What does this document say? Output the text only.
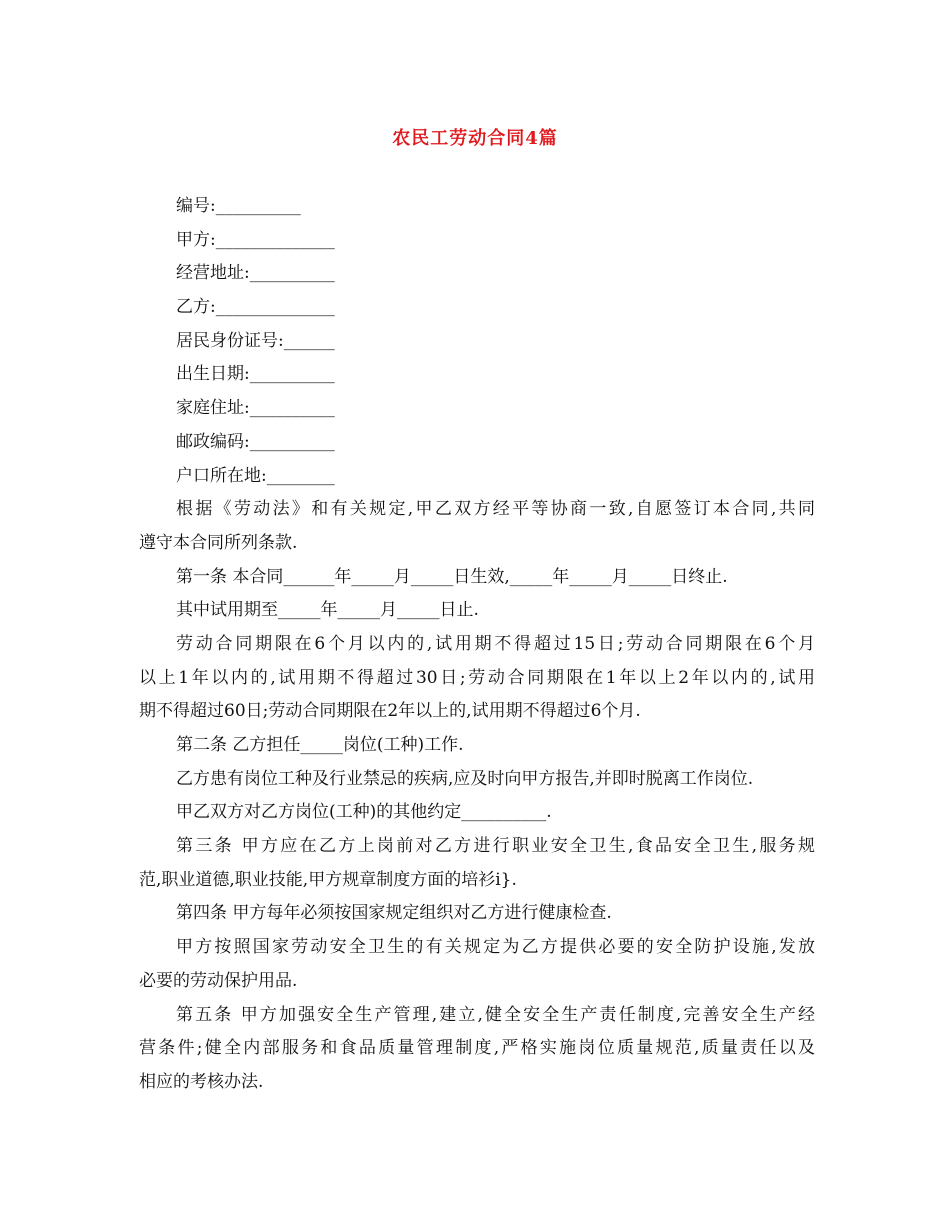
农民工劳动合同4篇
编号:__________
甲方:______________
经营地址:__________
乙方:______________
居民身份证号:______
出生日期:__________
家庭住址:__________
邮政编码:__________
户口所在地:________
根据《劳动法》和有关规定,甲乙双方经平等协商一致,自愿签订本合同,共同
遵守本合同所列条款.
第一条 本合同______年_____月_____日生效,_____年_____月_____日终止.
其中试用期至_____年_____月_____日止.
劳动合同期限在6个月以内的,试用期不得超过15日;劳动合同期限在6个月
以上1年以内的,试用期不得超过30日;劳动合同期限在1年以上2年以内的,试用
期不得超过60日;劳动合同期限在2年以上的,试用期不得超过6个月.
第二条 乙方担任_____岗位(工种)工作.
乙方患有岗位工种及行业禁忌的疾病,应及时向甲方报告,并即时脱离工作岗位.
甲乙双方对乙方岗位(工种)的其他约定__________.
第三条 甲方应在乙方上岗前对乙方进行职业安全卫生,食品安全卫生,服务规
范,职业道德,职业技能,甲方规章制度方面的培衫i}.
第四条 甲方每年必须按国家规定组织对乙方进行健康检查.
甲方按照国家劳动安全卫生的有关规定为乙方提供必要的安全防护设施,发放
必要的劳动保护用品.
第五条 甲方加强安全生产管理,建立,健全安全生产责任制度,完善安全生产经
营条件;健全内部服务和食品质量管理制度,严格实施岗位质量规范,质量责任以及
相应的考核办法.
